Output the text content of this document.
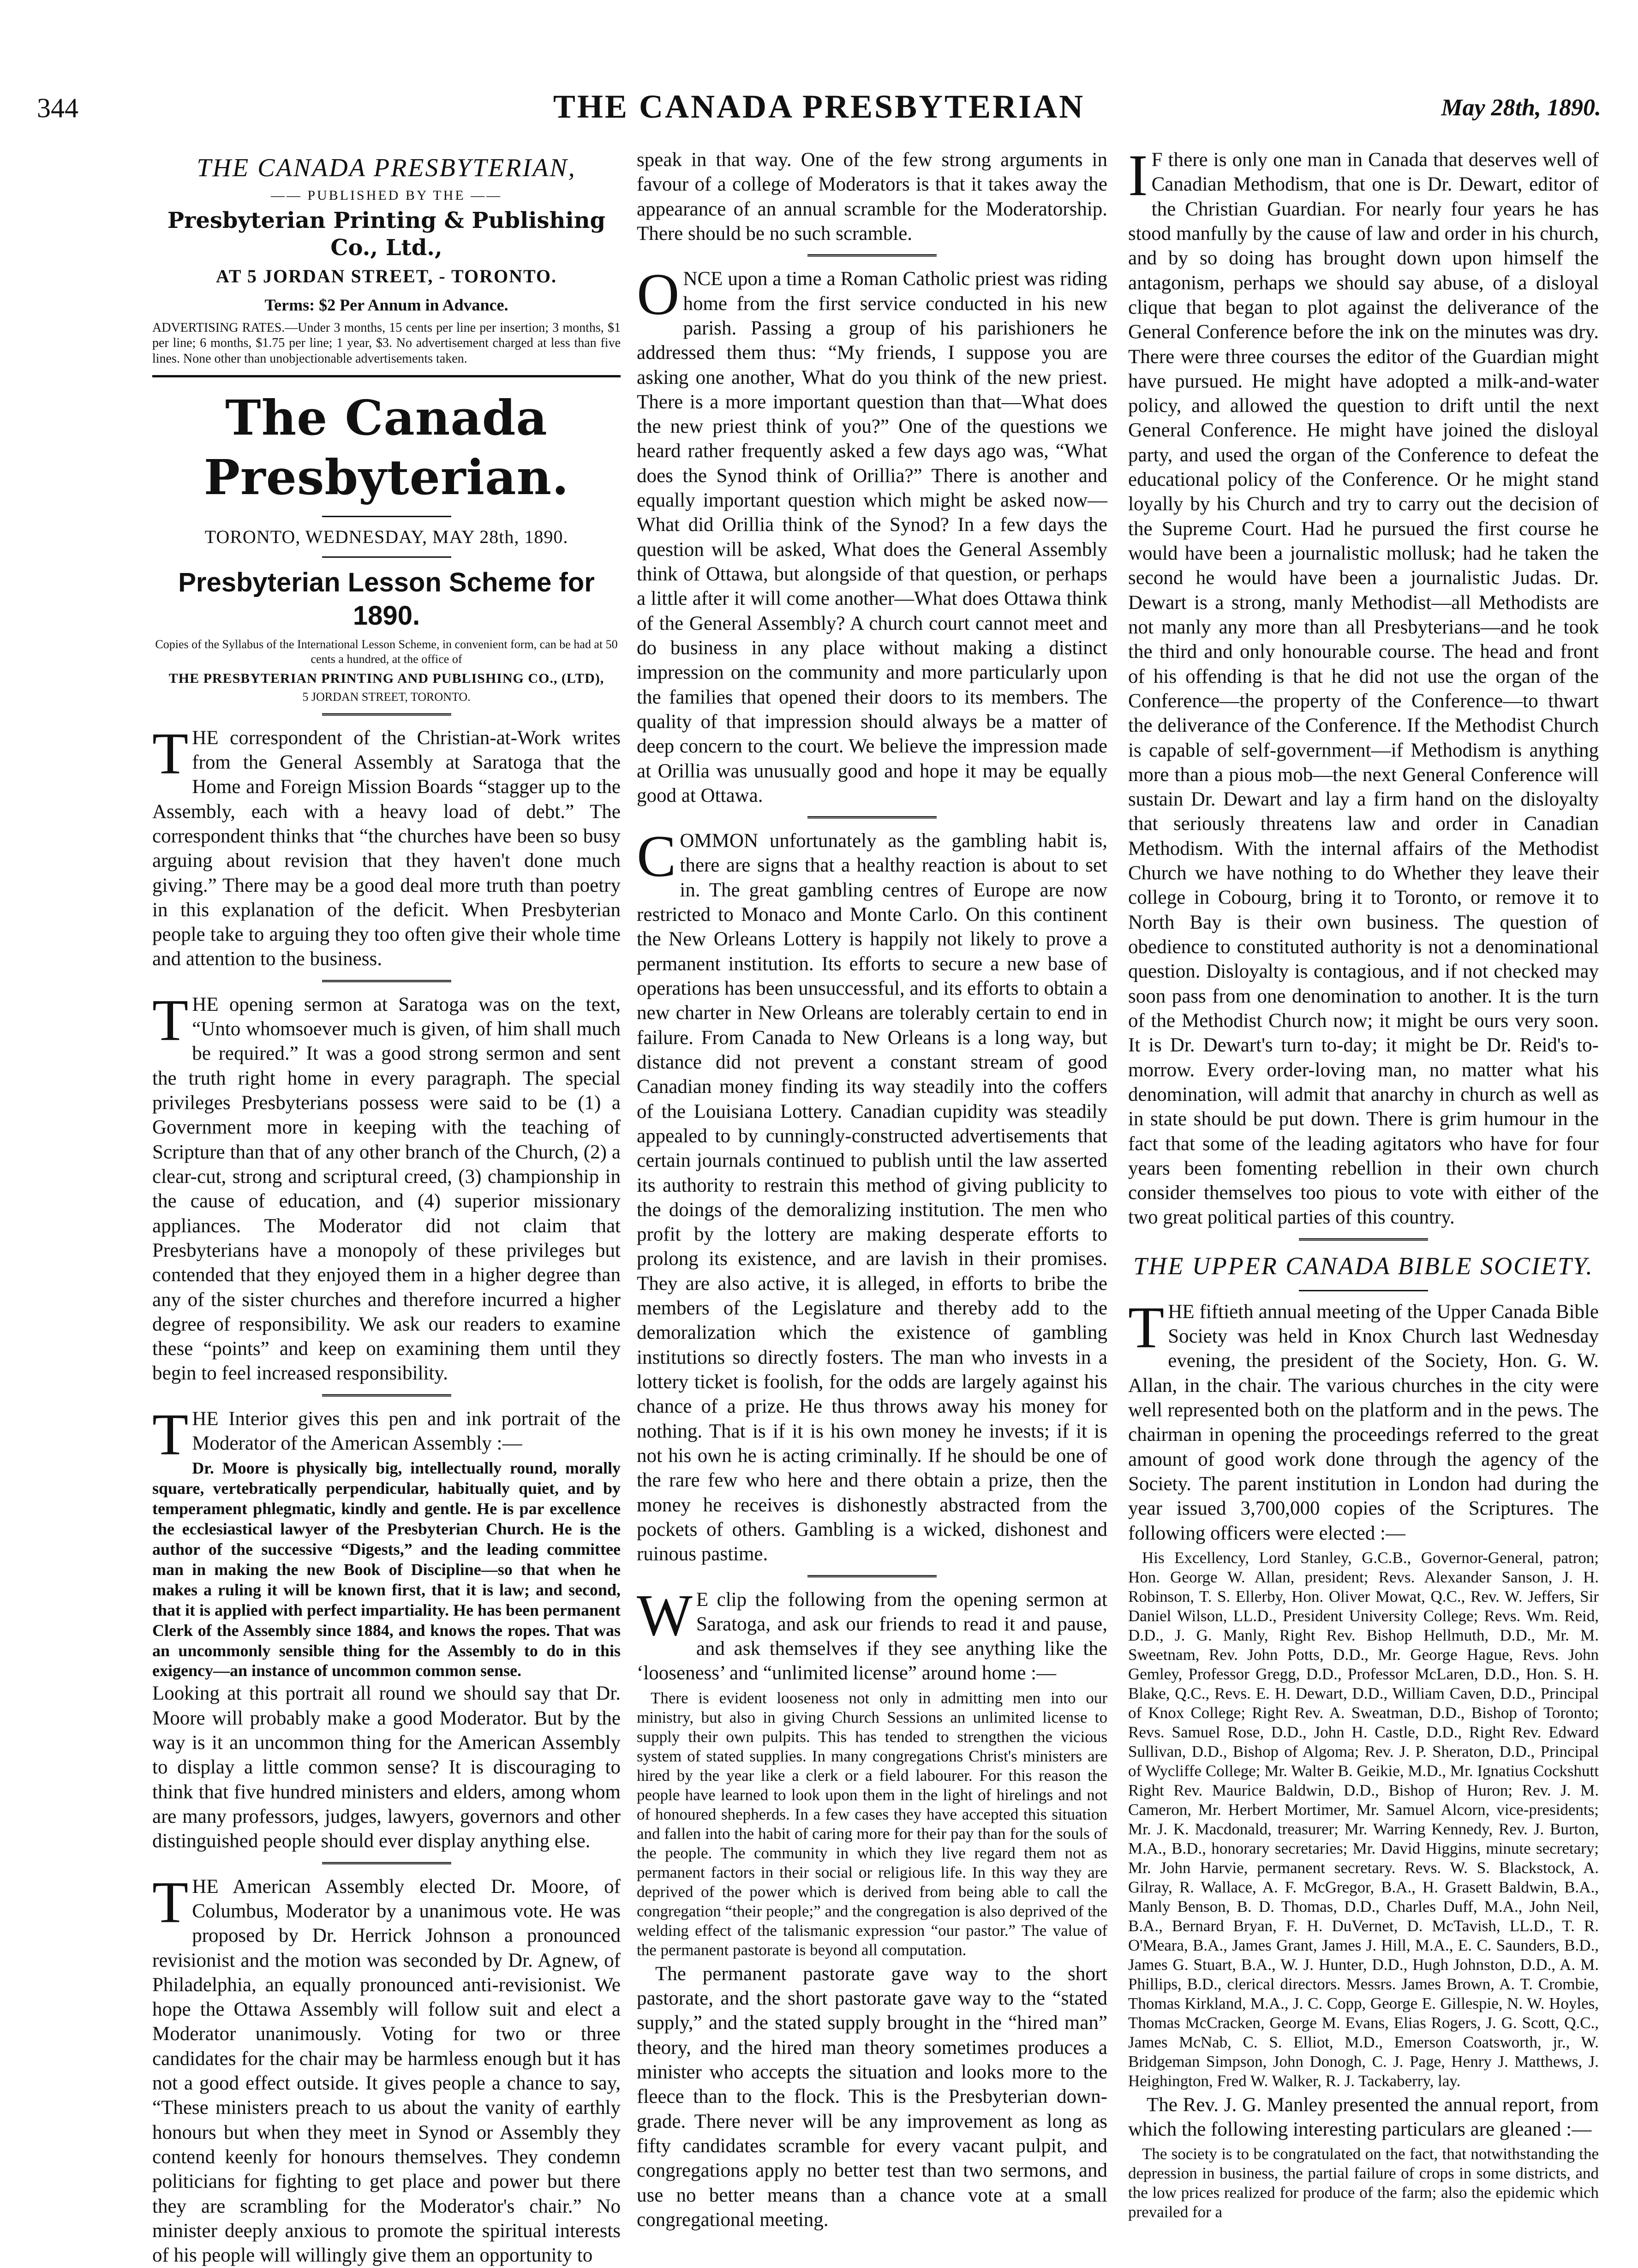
344	THE CANADA PRESBYTERIAN	May 28th, 1890.
THE CANADA PRESBYTERIAN,
—— PUBLISHED BY THE ——
Presbyterian Printing & Publishing Co., Ltd.,
AT 5 JORDAN STREET, - TORONTO.
Terms: $2 Per Annum in Advance.
ADVERTISING RATES.—Under 3 months, 15 cents per line per insertion; 3 months, $1 per line; 6 months, $1.75 per line; 1 year, $3. No advertisement charged at less than five lines. None other than unobjectionable advertisements taken.
The Canada Presbyterian.
TORONTO, WEDNESDAY, MAY 28th, 1890.
Presbyterian Lesson Scheme for 1890.
Copies of the Syllabus of the International Lesson Scheme, in convenient form, can be had at 50 cents a hundred, at the office of
THE PRESBYTERIAN PRINTING AND PUBLISHING CO., (LTD),
5 JORDAN STREET, TORONTO.

THE correspondent of the Christian-at-Work writes from the General Assembly at Saratoga that the Home and Foreign Mission Boards “stagger up to the Assembly, each with a heavy load of debt.” The correspondent thinks that “the churches have been so busy arguing about revision that they haven't done much giving.” There may be a good deal more truth than poetry in this explanation of the deficit. When Presbyterian people take to arguing they too often give their whole time and attention to the business.

THE opening sermon at Saratoga was on the text, “Unto whomsoever much is given, of him shall much be required.” It was a good strong sermon and sent the truth right home in every paragraph. The special privileges Presbyterians possess were said to be (1) a Government more in keeping with the teaching of Scripture than that of any other branch of the Church, (2) a clear-cut, strong and scriptural creed, (3) championship in the cause of education, and (4) superior missionary appliances. The Moderator did not claim that Presbyterians have a monopoly of these privileges but contended that they enjoyed them in a higher degree than any of the sister churches and therefore incurred a higher degree of responsibility. We ask our readers to examine these “points” and keep on examining them until they begin to feel increased responsibility.

THE Interior gives this pen and ink portrait of the Moderator of the American Assembly :—

Dr. Moore is physically big, intellectually round, morally square, vertebratically perpendicular, habitually quiet, and by temperament phlegmatic, kindly and gentle. He is par excellence the ecclesiastical lawyer of the Presbyterian Church. He is the author of the successive “Digests,” and the leading committee man in making the new Book of Discipline—so that when he makes a ruling it will be known first, that it is law; and second, that it is applied with perfect impartiality. He has been permanent Clerk of the Assembly since 1884, and knows the ropes. That was an uncommonly sensible thing for the Assembly to do in this exigency—an instance of uncommon common sense.

Looking at this portrait all round we should say that Dr. Moore will probably make a good Moderator. But by the way is it an uncommon thing for the American Assembly to display a little common sense? It is discouraging to think that five hundred ministers and elders, among whom are many professors, judges, lawyers, governors and other distinguished people should ever display anything else.

THE American Assembly elected Dr. Moore, of Columbus, Moderator by a unanimous vote. He was proposed by Dr. Herrick Johnson a pronounced revisionist and the motion was seconded by Dr. Agnew, of Philadelphia, an equally pronounced anti-revisionist. We hope the Ottawa Assembly will follow suit and elect a Moderator unanimously. Voting for two or three candidates for the chair may be harmless enough but it has not a good effect outside. It gives people a chance to say, “These ministers preach to us about the vanity of earthly honours but when they meet in Synod or Assembly they contend keenly for honours themselves. They condemn politicians for fighting to get place and power but there they are scrambling for the Moderator's chair.” No minister deeply anxious to promote the spiritual interests of his people will willingly give them an opportunity to

speak in that way. One of the few strong arguments in favour of a college of Moderators is that it takes away the appearance of an annual scramble for the Moderatorship. There should be no such scramble.

ONCE upon a time a Roman Catholic priest was riding home from the first service conducted in his new parish. Passing a group of his parishioners he addressed them thus: “My friends, I suppose you are asking one another, What do you think of the new priest. There is a more important question than that—What does the new priest think of you?” One of the questions we heard rather frequently asked a few days ago was, “What does the Synod think of Orillia?” There is another and equally important question which might be asked now—What did Orillia think of the Synod? In a few days the question will be asked, What does the General Assembly think of Ottawa, but alongside of that question, or perhaps a little after it will come another—What does Ottawa think of the General Assembly? A church court cannot meet and do business in any place without making a distinct impression on the community and more particularly upon the families that opened their doors to its members. The quality of that impression should always be a matter of deep concern to the court. We believe the impression made at Orillia was unusually good and hope it may be equally good at Ottawa.

COMMON unfortunately as the gambling habit is, there are signs that a healthy reaction is about to set in. The great gambling centres of Europe are now restricted to Monaco and Monte Carlo. On this continent the New Orleans Lottery is happily not likely to prove a permanent institution. Its efforts to secure a new base of operations has been unsuccessful, and its efforts to obtain a new charter in New Orleans are tolerably certain to end in failure. From Canada to New Orleans is a long way, but distance did not prevent a constant stream of good Canadian money finding its way steadily into the coffers of the Louisiana Lottery. Canadian cupidity was steadily appealed to by cunningly-constructed advertisements that certain journals continued to publish until the law asserted its authority to restrain this method of giving publicity to the doings of the demoralizing institution. The men who profit by the lottery are making desperate efforts to prolong its existence, and are lavish in their promises. They are also active, it is alleged, in efforts to bribe the members of the Legislature and thereby add to the demoralization which the existence of gambling institutions so directly fosters. The man who invests in a lottery ticket is foolish, for the odds are largely against his chance of a prize. He thus throws away his money for nothing. That is if it is his own money he invests; if it is not his own he is acting criminally. If he should be one of the rare few who here and there obtain a prize, then the money he receives is dishonestly abstracted from the pockets of others. Gambling is a wicked, dishonest and ruinous pastime.

W E clip the following from the opening sermon at Saratoga, and ask our friends to read it and pause, and ask themselves if they see anything like the ‘looseness’ and “unlimited license” around home :—

There is evident looseness not only in admitting men into our ministry, but also in giving Church Sessions an unlimited license to supply their own pulpits. This has tended to strengthen the vicious system of stated supplies. In many congregations Christ's ministers are hired by the year like a clerk or a field labourer. For this reason the people have learned to look upon them in the light of hirelings and not of honoured shepherds. In a few cases they have accepted this situation and fallen into the habit of caring more for their pay than for the souls of the people. The community in which they live regard them not as permanent factors in their social or religious life. In this way they are deprived of the power which is derived from being able to call the congregation “their people;” and the congregation is also deprived of the welding effect of the talismanic expression “our pastor.” The value of the permanent pastorate is beyond all computation.

The permanent pastorate gave way to the short pastorate, and the short pastorate gave way to the “stated supply,” and the stated supply brought in the “hired man” theory, and the hired man theory sometimes produces a minister who accepts the situation and looks more to the fleece than to the flock. This is the Presbyterian down-grade. There never will be any improvement as long as fifty candidates scramble for every vacant pulpit, and congregations apply no better test than two sermons, and use no better means than a chance vote at a small congregational meeting.

I F there is only one man in Canada that deserves well of Canadian Methodism, that one is Dr. Dewart, editor of the Christian Guardian. For nearly four years he has stood manfully by the cause of law and order in his church, and by so doing has brought down upon himself the antagonism, perhaps we should say abuse, of a disloyal clique that began to plot against the deliverance of the General Conference before the ink on the minutes was dry. There were three courses the editor of the Guardian might have pursued. He might have adopted a milk-and-water policy, and allowed the question to drift until the next General Conference. He might have joined the disloyal party, and used the organ of the Conference to defeat the educational policy of the Conference. Or he might stand loyally by his Church and try to carry out the decision of the Supreme Court. Had he pursued the first course he would have been a journalistic mollusk; had he taken the second he would have been a journalistic Judas. Dr. Dewart is a strong, manly Methodist—all Methodists are not manly any more than all Presbyterians—and he took the third and only honourable course. The head and front of his offending is that he did not use the organ of the Conference—the property of the Conference—to thwart the deliverance of the Conference. If the Methodist Church is capable of self-government—if Methodism is anything more than a pious mob—the next General Conference will sustain Dr. Dewart and lay a firm hand on the disloyalty that seriously threatens law and order in Canadian Methodism. With the internal affairs of the Methodist Church we have nothing to do Whether they leave their college in Cobourg, bring it to Toronto, or remove it to North Bay is their own business. The question of obedience to constituted authority is not a denominational question. Disloyalty is contagious, and if not checked may soon pass from one denomination to another. It is the turn of the Methodist Church now; it might be ours very soon. It is Dr. Dewart's turn to-day; it might be Dr. Reid's to-morrow. Every order-loving man, no matter what his denomination, will admit that anarchy in church as well as in state should be put down. There is grim humour in the fact that some of the leading agitators who have for four years been fomenting rebellion in their own church consider themselves too pious to vote with either of the two great political parties of this country.

THE UPPER CANADA BIBLE SOCIETY.

THE fiftieth annual meeting of the Upper Canada Bible Society was held in Knox Church last Wednesday evening, the president of the Society, Hon. G. W. Allan, in the chair. The various churches in the city were well represented both on the platform and in the pews. The chairman in opening the proceedings referred to the great amount of good work done through the agency of the Society. The parent institution in London had during the year issued 3,700,000 copies of the Scriptures. The following officers were elected :—

His Excellency, Lord Stanley, G.C.B., Governor-General, patron; Hon. George W. Allan, president; Revs. Alexander Sanson, J. H. Robinson, T. S. Ellerby, Hon. Oliver Mowat, Q.C., Rev. W. Jeffers, Sir Daniel Wilson, LL.D., President University College; Revs. Wm. Reid, D.D., J. G. Manly, Right Rev. Bishop Hellmuth, D.D., Mr. M. Sweetnam, Rev. John Potts, D.D., Mr. George Hague, Revs. John Gemley, Professor Gregg, D.D., Professor McLaren, D.D., Hon. S. H. Blake, Q.C., Revs. E. H. Dewart, D.D., William Caven, D.D., Principal of Knox College; Right Rev. A. Sweatman, D.D., Bishop of Toronto; Revs. Samuel Rose, D.D., John H. Castle, D.D., Right Rev. Edward Sullivan, D.D., Bishop of Algoma; Rev. J. P. Sheraton, D.D., Principal of Wycliffe College; Mr. Walter B. Geikie, M.D., Mr. Ignatius Cockshutt Right Rev. Maurice Baldwin, D.D., Bishop of Huron; Rev. J. M. Cameron, Mr. Herbert Mortimer, Mr. Samuel Alcorn, vice-presidents; Mr. J. K. Macdonald, treasurer; Mr. Warring Kennedy, Rev. J. Burton, M.A., B.D., honorary secretaries; Mr. David Higgins, minute secretary; Mr. John Harvie, permanent secretary. Revs. W. S. Blackstock, A. Gilray, R. Wallace, A. F. McGregor, B.A., H. Grasett Baldwin, B.A., Manly Benson, B. D. Thomas, D.D., Charles Duff, M.A., John Neil, B.A., Bernard Bryan, F. H. DuVernet, D. McTavish, LL.D., T. R. O'Meara, B.A., James Grant, James J. Hill, M.A., E. C. Saunders, B.D., James G. Stuart, B.A., W. J. Hunter, D.D., Hugh Johnston, D.D., A. M. Phillips, B.D., clerical directors. Messrs. James Brown, A. T. Crombie, Thomas Kirkland, M.A., J. C. Copp, George E. Gillespie, N. W. Hoyles, Thomas McCracken, George M. Evans, Elias Rogers, J. G. Scott, Q.C., James McNab, C. S. Elliot, M.D., Emerson Coatsworth, jr., W. Bridgeman Simpson, John Donogh, C. J. Page, Henry J. Matthews, J. Heighington, Fred W. Walker, R. J. Tackaberry, lay.

The Rev. J. G. Manley presented the annual report, from which the following interesting particulars are gleaned :—

The society is to be congratulated on the fact, that notwithstanding the depression in business, the partial failure of crops in some districts, and the low prices realized for produce of the farm; also the epidemic which prevailed for a
